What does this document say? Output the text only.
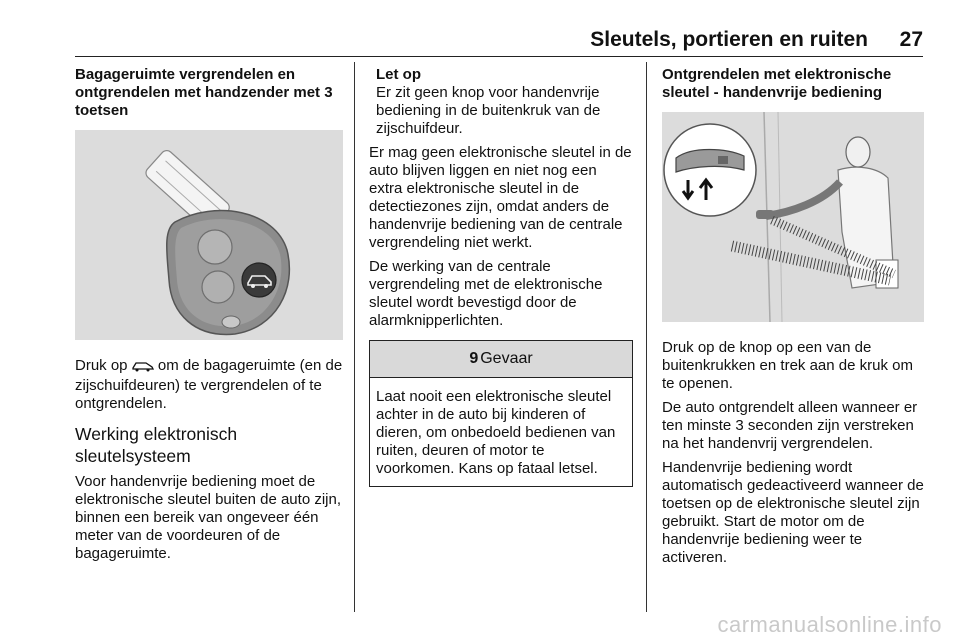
Sleutels, portieren en ruiten 27
Bagageruimte vergrendelen en ontgrendelen met handzender met 3 toetsen

Druk op om de bagageruimte (en de zijschuifdeuren) te vergrendelen of te ontgrendelen.

Werking elektronisch sleutelsysteem

Voor handenvrije bediening moet de elektronische sleutel buiten de auto zijn, binnen een bereik van ongeveer één meter van de voordeuren of de bagageruimte.

Let op
Er zit geen knop voor handenvrije bediening in de buitenkruk van de zijschuifdeur.

Er mag geen elektronische sleutel in de auto blijven liggen en niet nog een extra elektronische sleutel in de detectiezones zijn, omdat anders de handenvrije bediening van de centrale vergrendeling niet werkt.

De werking van de centrale vergrendeling met de elektronische sleutel wordt bevestigd door de alarmknipperlichten.

9 Gevaar
Laat nooit een elektronische sleutel achter in de auto bij kinderen of dieren, om onbedoeld bedienen van ruiten, deuren of motor te voorkomen. Kans op fataal letsel.
Ontgrendelen met elektronische sleutel - handenvrije bediening

Druk op de knop op een van de buitenkrukken en trek aan de kruk om te openen.

De auto ontgrendelt alleen wanneer er ten minste 3 seconden zijn verstreken na het handenvrij vergrendelen.

Handenvrije bediening wordt automatisch gedeactiveerd wanneer de toetsen op de elektronische sleutel zijn gebruikt. Start de motor om de handenvrije bediening weer te activeren.

carmanualsonline.info
